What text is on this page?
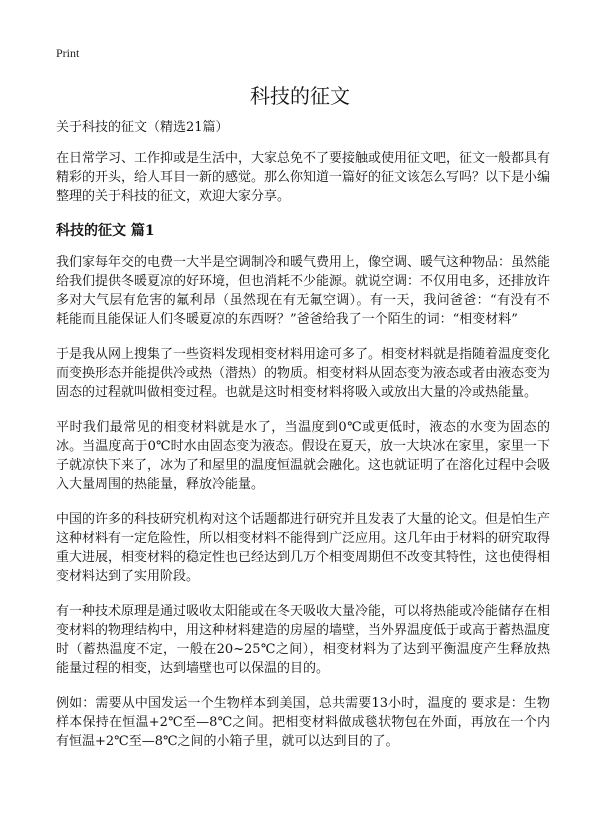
Print
科技的征文

关于科技的征文（精选21篇）

在日常学习、工作抑或是生活中，大家总免不了要接触或使用征文吧，征文一般都具有精彩的开头，给人耳目一新的感觉。那么你知道一篇好的征文该怎么写吗？以下是小编整理的关于科技的征文，欢迎大家分享。

科技的征文 篇1

我们家每年交的电费一大半是空调制冷和暖气费用上，像空调、暖气这种物品：虽然能给我们提供冬暖夏凉的好环境，但也消耗不少能源。就说空调：不仅用电多，还排放许多对大气层有危害的氟利昂（虽然现在有无氟空调）。有一天，我问爸爸：“有没有不耗能而且能保证人们冬暖夏凉的东西呀？”爸爸给我了一个陌生的词：“相变材料”

于是我从网上搜集了一些资料发现相变材料用途可多了。相变材料就是指随着温度变化而变换形态并能提供冷或热（潜热）的物质。相变材料从固态变为液态或者由液态变为固态的过程就叫做相变过程。也就是这时相变材料将吸入或放出大量的冷或热能量。

平时我们最常见的相变材料就是水了，当温度到0℃或更低时，液态的水变为固态的冰。当温度高于0℃时水由固态变为液态。假设在夏天，放一大块冰在家里，家里一下子就凉快下来了，冰为了和屋里的温度恒温就会融化。这也就证明了在溶化过程中会吸入大量周围的热能量，释放冷能量。

中国的许多的科技研究机构对这个话题都进行研究并且发表了大量的论文。但是怕生产这种材料有一定危险性，所以相变材料不能得到广泛应用。这几年由于材料的研究取得重大进展，相变材料的稳定性也已经达到几万个相变周期但不改变其特性，这也使得相变材料达到了实用阶段。

有一种技术原理是通过吸收太阳能或在冬天吸收大量冷能，可以将热能或冷能储存在相变材料的物理结构中，用这种材料建造的房屋的墙壁，当外界温度低于或高于蓄热温度时（蓄热温度不定，一般在20~25℃之间），相变材料为了达到平衡温度产生释放热能量过程的相变，达到墙壁也可以保温的目的。

例如：需要从中国发运一个生物样本到美国，总共需要13小时，温度的 要求是：生物样本保持在恒温+2℃至—8℃之间。把相变材料做成毯状物包在外面，再放在一个内有恒温+2℃至—8℃之间的小箱子里，就可以达到目的了。
